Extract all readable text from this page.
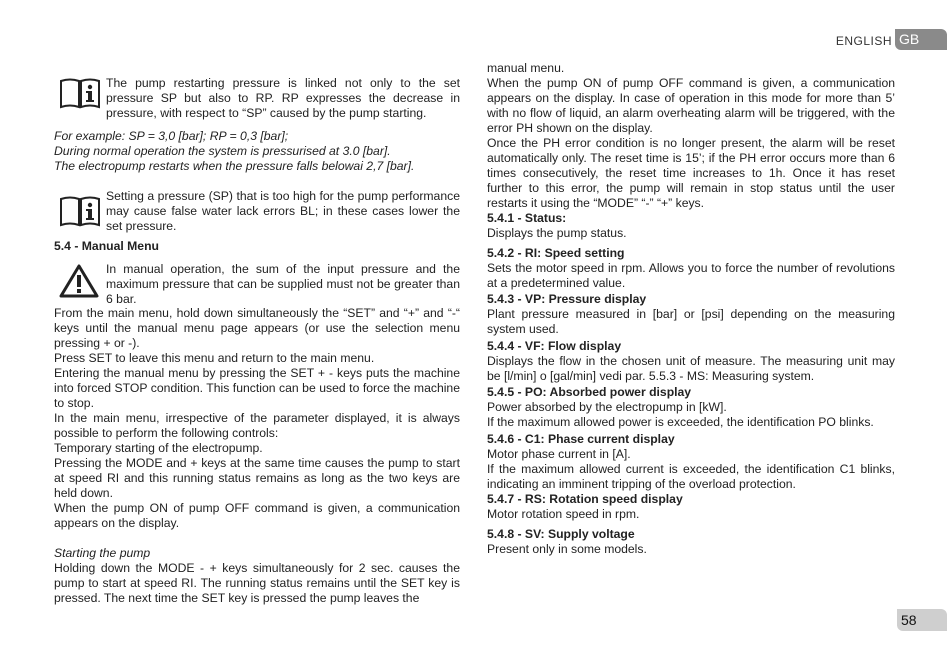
ENGLISH GB

The pump restarting pressure is linked not only to the set pressure SP but also to RP. RP expresses the decrease in pressure, with respect to “SP” caused by the pump starting.

For example: SP = 3,0 [bar]; RP = 0,3 [bar];

During normal operation the system is pressurised at 3.0 [bar].

The electropump restarts when the pressure falls belowai 2,7 [bar].

Setting a pressure (SP) that is too high for the pump performance may cause false water lack errors BL; in these cases lower the set pressure.

5.4 - Manual Menu

In manual operation, the sum of the input pressure and the maximum pressure that can be supplied must not be greater than 6 bar.

From the main menu, hold down simultaneously the “SET” and “+” and “-“ keys until the manual menu page appears (or use the selection menu pressing + or -).

Press SET to leave this menu and return to the main menu.

Entering the manual menu by pressing the SET + - keys puts the machine into forced STOP condition. This function can be used to force the machine to stop.

In the main menu, irrespective of the parameter displayed, it is always possible to perform the following controls:

Temporary starting of the electropump.

Pressing the MODE and + keys at the same time causes the pump to start at speed RI and this running status remains as long as the two keys are held down.

When the pump ON of pump OFF command is given, a communication appears on the display.

Starting the pump

Holding down the MODE - + keys simultaneously for 2 sec. causes the pump to start at speed RI. The running status remains until the SET key is pressed. The next time the SET key is pressed the pump leaves the

manual menu.

When the pump ON of pump OFF command is given, a communication appears on the display. In case of operation in this mode for more than 5’ with no flow of liquid, an alarm overheating alarm will be triggered, with the error PH shown on the display.

Once the PH error condition is no longer present, the alarm will be reset automatically only. The reset time is 15’; if the PH error occurs more than 6 times consecutively, the reset time increases to 1h. Once it has reset further to this error, the pump will remain in stop status until the user restarts it using the “MODE” “-” “+” keys.

5.4.1 - Status:

Displays the pump status.

5.4.2 - RI: Speed setting

Sets the motor speed in rpm. Allows you to force the number of revolutions at a predetermined value.

5.4.3 - VP: Pressure display

Plant pressure measured in [bar] or [psi] depending on the measuring system used.

5.4.4 - VF: Flow display

Displays the flow in the chosen unit of measure. The measuring unit may be [l/min] o [gal/min] vedi par. 5.5.3 - MS: Measuring system.

5.4.5 - PO: Absorbed power display

Power absorbed by the electropump in [kW].

If the maximum allowed power is exceeded, the identification PO blinks.

5.4.6 - C1: Phase current display

Motor phase current in [A].

If the maximum allowed current is exceeded, the identification C1 blinks, indicating an imminent tripping of the overload protection.

5.4.7 - RS: Rotation speed display

Motor rotation speed in rpm.

5.4.8 - SV: Supply voltage

Present only in some models.

58
